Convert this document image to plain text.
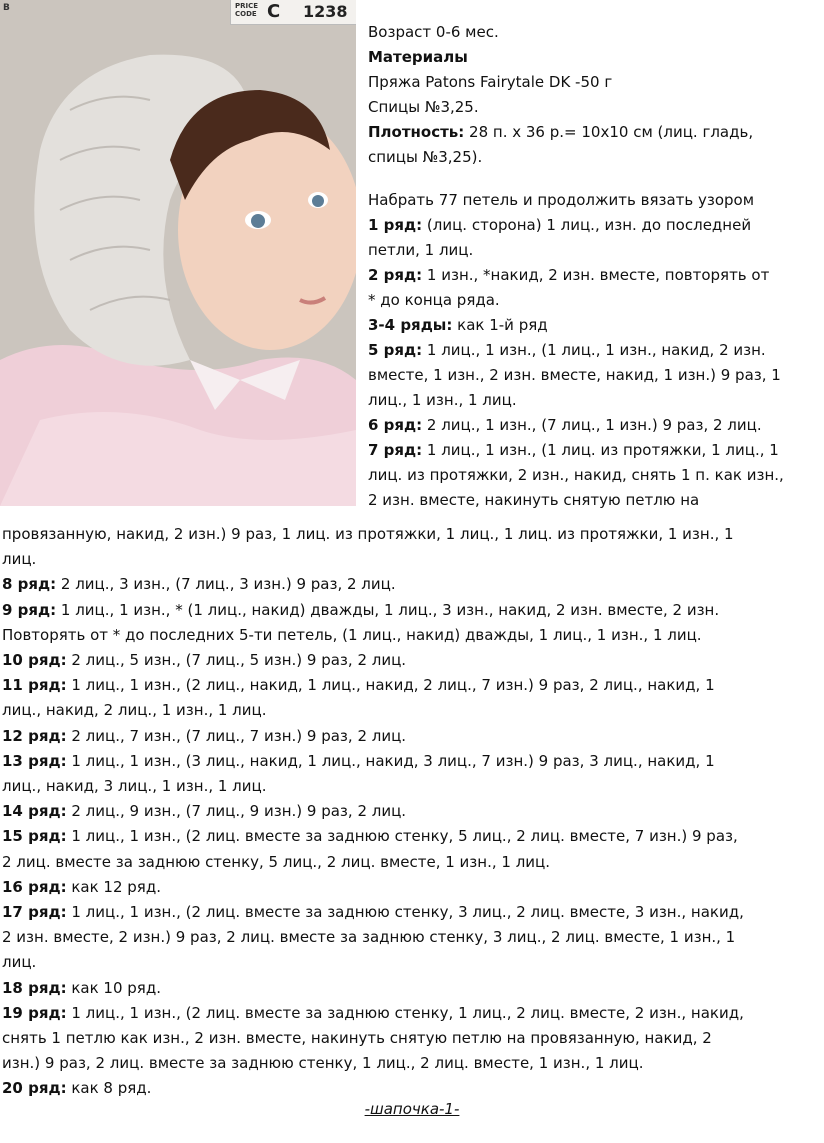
PRICE CODE C 1238
B
Возраст 0-6 мес.
Материалы
Пряжа Patons Fairytale DK -50 г
Спицы №3,25.
Плотность: 28 п. х 36 р.= 10х10 см (лиц. гладь,
спицы №3,25).
Набрать 77 петель и продолжить вязать узором
1 ряд: (лиц. сторона) 1 лиц., изн. до последней
петли, 1 лиц.
2 ряд: 1 изн., *накид, 2 изн. вместе, повторять от
* до конца ряда.
3-4 ряды: как 1-й ряд
5 ряд: 1 лиц., 1 изн., (1 лиц., 1 изн., накид, 2 изн.
вместе, 1 изн., 2 изн. вместе, накид, 1 изн.) 9 раз, 1
лиц., 1 изн., 1 лиц.
6 ряд: 2 лиц., 1 изн., (7 лиц., 1 изн.) 9 раз, 2 лиц.
7 ряд: 1 лиц., 1 изн., (1 лиц. из протяжки, 1 лиц., 1
лиц. из протяжки, 2 изн., накид, снять 1 п. как изн.,
2 изн. вместе, накинуть снятую петлю на
провязанную, накид, 2 изн.) 9 раз, 1 лиц. из протяжки, 1 лиц., 1 лиц. из протяжки, 1 изн., 1
лиц.
8 ряд: 2 лиц., 3 изн., (7 лиц., 3 изн.) 9 раз, 2 лиц.
9 ряд: 1 лиц., 1 изн., * (1 лиц., накид) дважды, 1 лиц., 3 изн., накид, 2 изн. вместе, 2 изн.
Повторять от * до последних 5-ти петель, (1 лиц., накид) дважды, 1 лиц., 1 изн., 1 лиц.
10 ряд: 2 лиц., 5 изн., (7 лиц., 5 изн.) 9 раз, 2 лиц.
11 ряд: 1 лиц., 1 изн., (2 лиц., накид, 1 лиц., накид, 2 лиц., 7 изн.) 9 раз, 2 лиц., накид, 1
лиц., накид, 2 лиц., 1 изн., 1 лиц.
12 ряд: 2 лиц., 7 изн., (7 лиц., 7 изн.) 9 раз, 2 лиц.
13 ряд: 1 лиц., 1 изн., (3 лиц., накид, 1 лиц., накид, 3 лиц., 7 изн.) 9 раз, 3 лиц., накид, 1
лиц., накид, 3 лиц., 1 изн., 1 лиц.
14 ряд: 2 лиц., 9 изн., (7 лиц., 9 изн.) 9 раз, 2 лиц.
15 ряд: 1 лиц., 1 изн., (2 лиц. вместе за заднюю стенку, 5 лиц., 2 лиц. вместе, 7 изн.) 9 раз,
2 лиц. вместе за заднюю стенку, 5 лиц., 2 лиц. вместе, 1 изн., 1 лиц.
16 ряд: как 12 ряд.
17 ряд: 1 лиц., 1 изн., (2 лиц. вместе за заднюю стенку, 3 лиц., 2 лиц. вместе, 3 изн., накид,
2 изн. вместе, 2 изн.) 9 раз, 2 лиц. вместе за заднюю стенку, 3 лиц., 2 лиц. вместе, 1 изн., 1
лиц.
18 ряд: как 10 ряд.
19 ряд: 1 лиц., 1 изн., (2 лиц. вместе за заднюю стенку, 1 лиц., 2 лиц. вместе, 2 изн., накид,
снять 1 петлю как изн., 2 изн. вместе, накинуть снятую петлю на провязанную, накид, 2
изн.) 9 раз, 2 лиц. вместе за заднюю стенку, 1 лиц., 2 лиц. вместе, 1 изн., 1 лиц.
20 ряд: как 8 ряд.
-шапочка-1-
